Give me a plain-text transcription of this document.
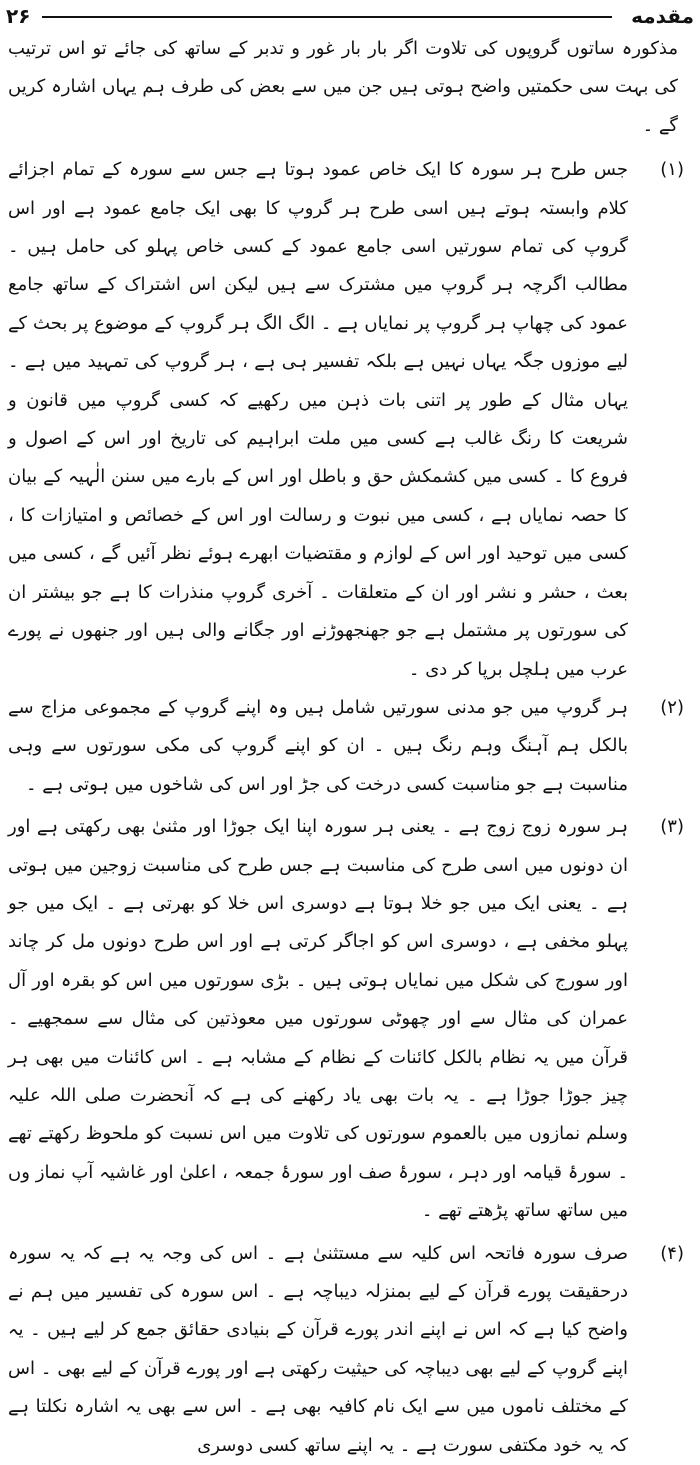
مقدمه
۲۶

مذکورہ ساتوں گروپوں کی تلاوت اگر بار بار غور و تدبر کے ساتھ کی جائے تو اس ترتیب کی بہت سی حکمتیں واضح ہوتی ہیں جن میں سے بعض کی طرف ہم یہاں اشارہ کریں گے ۔

(۱)
جس طرح ہر سورہ کا ایک خاص عمود ہوتا ہے جس سے سورہ کے تمام اجزائے کلام وابستہ ہوتے ہیں اسی طرح ہر گروپ کا بھی ایک جامع عمود ہے اور اس گروپ کی تمام سورتیں اسی جامع عمود کے کسی خاص پہلو کی حامل ہیں ۔ مطالب اگرچہ ہر گروپ میں مشترک سے ہیں لیکن اس اشتراک کے ساتھ جامع عمود کی چھاپ ہر گروپ پر نمایاں ہے ۔ الگ الگ ہر گروپ کے موضوع پر بحث کے لیے موزوں جگہ یہاں نہیں ہے بلکہ تفسیر ہی ہے ، ہر گروپ کی تمہید میں ہے ۔ یہاں مثال کے طور پر اتنی بات ذہن میں رکھیے کہ کسی گروپ میں قانون و شریعت کا رنگ غالب ہے کسی میں ملت ابراہیم کی تاریخ اور اس کے اصول و فروع کا ۔ کسی میں کشمکش حق و باطل اور اس کے بارے میں سنن الٰہیہ کے بیان کا حصہ نمایاں ہے ، کسی میں نبوت و رسالت اور اس کے خصائص و امتیازات کا ، کسی میں توحید اور اس کے لوازم و مقتضیات ابھرے ہوئے نظر آئیں گے ، کسی میں بعث ، حشر و نشر اور ان کے متعلقات ۔ آخری گروپ منذرات کا ہے جو بیشتر ان کی سورتوں پر مشتمل ہے جو جھنجھوڑنے اور جگانے والی ہیں اور جنھوں نے پورے عرب میں ہلچل برپا کر دی ۔
(۲)
ہر گروپ میں جو مدنی سورتیں شامل ہیں وہ اپنے گروپ کے مجموعی مزاج سے بالکل ہم آہنگ وہم رنگ ہیں ۔ ان کو اپنے گروپ کی مکی سورتوں سے وہی مناسبت ہے جو مناسبت کسی درخت کی جڑ اور اس کی شاخوں میں ہوتی ہے ۔
(۳)
ہر سورہ زوج زوج ہے ۔ یعنی ہر سورہ اپنا ایک جوڑا اور مثنیٰ بھی رکھتی ہے اور ان دونوں میں اسی طرح کی مناسبت ہے جس طرح کی مناسبت زوجین میں ہوتی ہے ۔ یعنی ایک میں جو خلا ہوتا ہے دوسری اس خلا کو بھرتی ہے ۔ ایک میں جو پہلو مخفی ہے ، دوسری اس کو اجاگر کرتی ہے اور اس طرح دونوں مل کر چاند اور سورج کی شکل میں نمایاں ہوتی ہیں ۔ بڑی سورتوں میں اس کو بقرہ اور آل عمران کی مثال سے اور چھوٹی سورتوں میں معوذتین کی مثال سے سمجھیے ۔ قرآن میں یہ نظام بالکل کائنات کے نظام کے مشابہ ہے ۔ اس کائنات میں بھی ہر چیز جوڑا جوڑا ہے ۔ یہ بات بھی یاد رکھنے کی ہے کہ آنحضرت صلی اللہ علیہ وسلم نمازوں میں بالعموم سورتوں کی تلاوت میں اس نسبت کو ملحوظ رکھتے تھے ۔ سورۂ قیامہ اور دہر ، سورۂ صف اور سورۂ جمعہ ، اعلیٰ اور غاشیہ آپ نماز وں میں ساتھ ساتھ پڑھتے تھے ۔
(۴)
صرف سورہ فاتحہ اس کلیہ سے مستثنیٰ ہے ۔ اس کی وجہ یہ ہے کہ یہ سورہ درحقیقت پورے قرآن کے لیے بمنزلہ دیباچہ ہے ۔ اس سورہ کی تفسیر میں ہم نے واضح کیا ہے کہ اس نے اپنے اندر پورے قرآن کے بنیادی حقائق جمع کر لیے ہیں ۔ یہ اپنے گروپ کے لیے بھی دیباچہ کی حیثیت رکھتی ہے اور پورے قرآن کے لیے بھی ۔ اس کے مختلف ناموں میں سے ایک نام کافیہ بھی ہے ۔ اس سے بھی یہ اشارہ نکلتا ہے کہ یہ خود مکتفی سورت ہے ۔ یہ اپنے ساتھ کسی دوسری
